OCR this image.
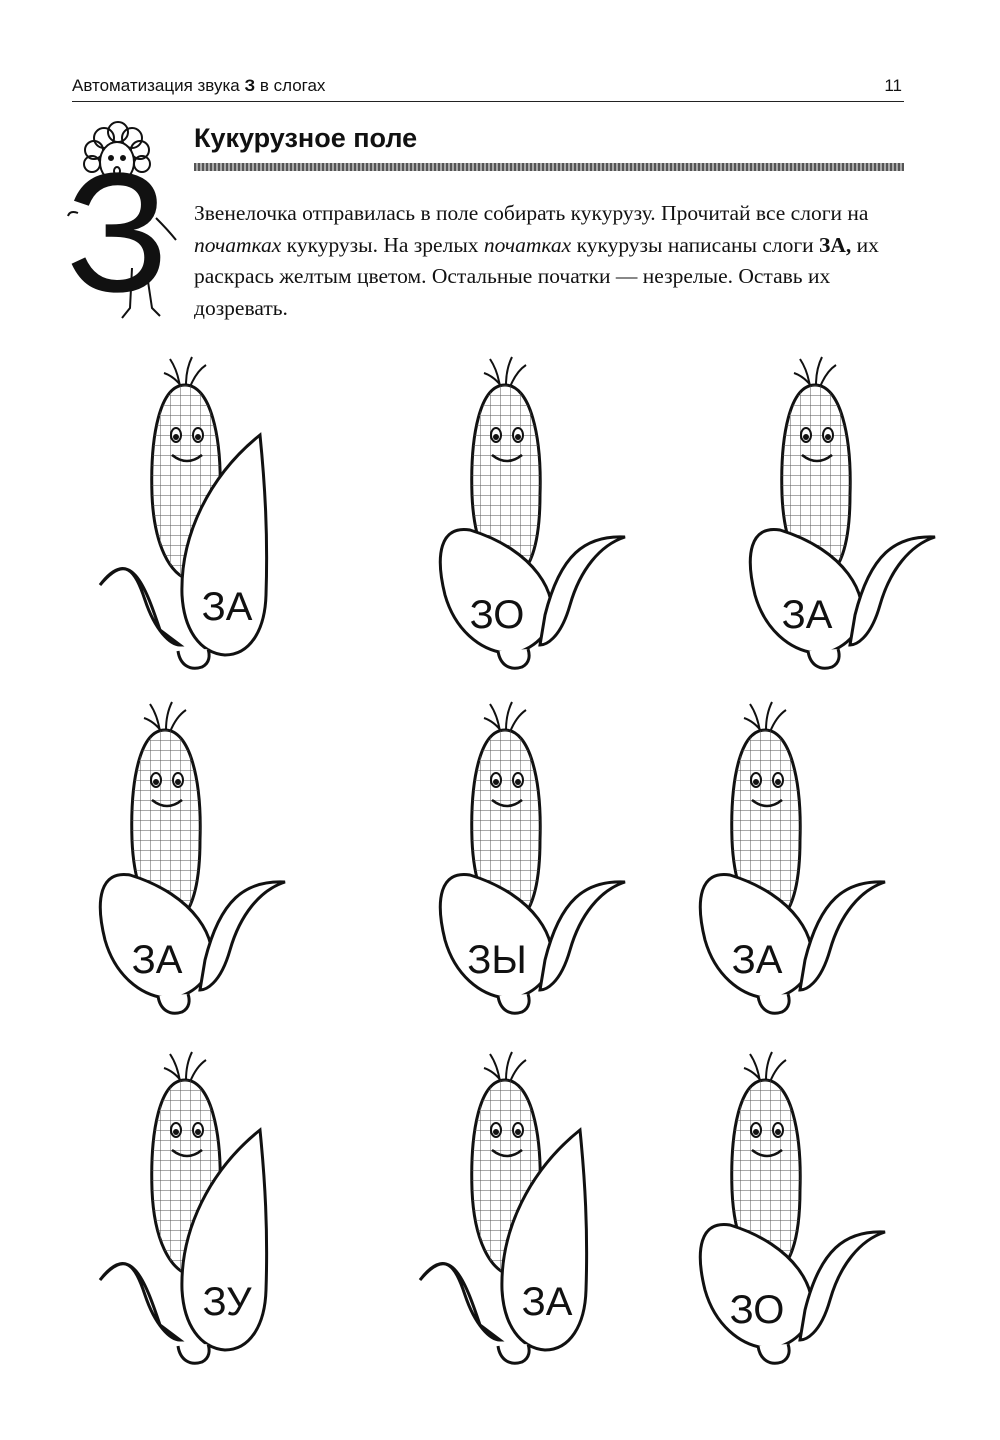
Автоматизация звука З в слогах	11
З Кукурузное поле
Звенелочка отправилась в поле собирать кукурузу. Прочитай все слоги на початках кукурузы. На зрелых початках кукурузы написаны слоги ЗА, их раскрась желтым цветом. Остальные початки — незрелые. Оставь их дозревать.
ЗА	ЗО	ЗА
ЗА	ЗЫ	ЗА
ЗУ	ЗА	ЗО
